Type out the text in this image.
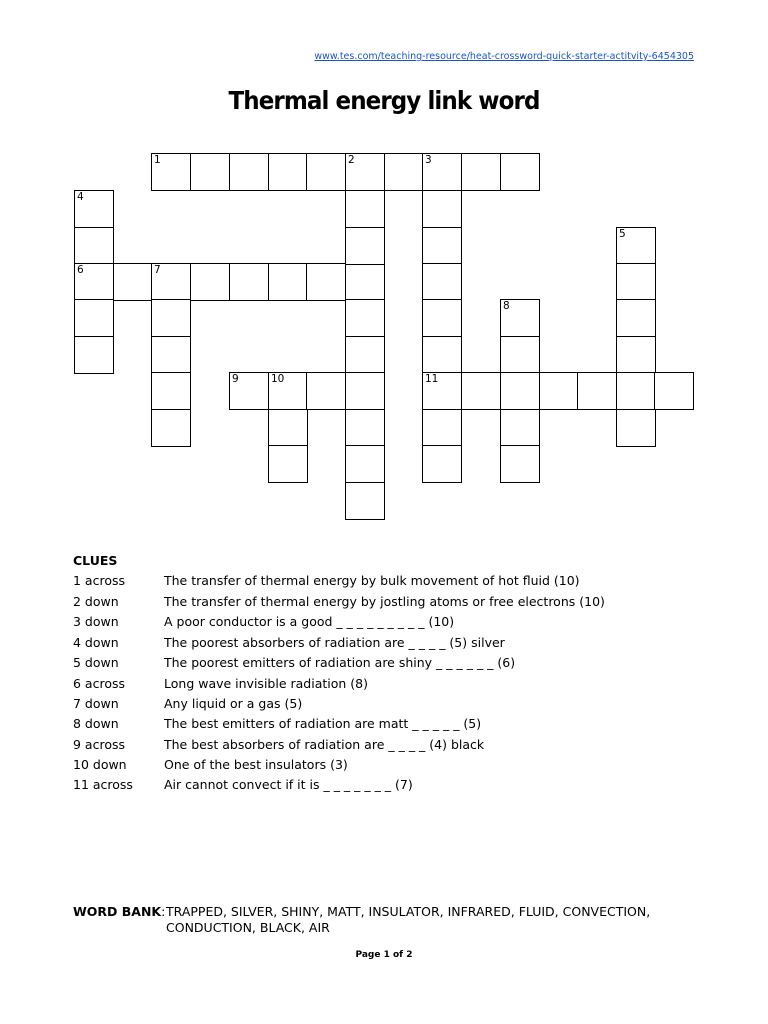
www.tes.com/teaching-resource/heat-crossword-quick-starter-actitvity-6454305
Thermal energy link word
1	2	3
4
6	7
11
5
8
9	10
CLUES
1 across	The transfer of thermal energy by bulk movement of hot fluid (10)
2 down	The transfer of thermal energy by jostling atoms or free electrons (10)
3 down	A poor conductor is a good _ _ _ _ _ _ _ _ _ (10)
4 down	The poorest absorbers of radiation are _ _ _ _ (5) silver
5 down	The poorest emitters of radiation are shiny _ _ _ _ _ _ (6)
6 across	Long wave invisible radiation (8)
7 down	Any liquid or a gas (5)
8 down	The best emitters of radiation are matt _ _ _ _ _ (5)
9 across	The best absorbers of radiation are _ _ _ _ (4) black
10 down	One of the best insulators (3)
11 across	Air cannot convect if it is _ _ _ _ _ _ _ (7)
WORD BANK: TRAPPED, SILVER, SHINY, MATT, INSULATOR, INFRARED, FLUID, CONVECTION,
CONDUCTION, BLACK, AIR
Page 1 of 2
